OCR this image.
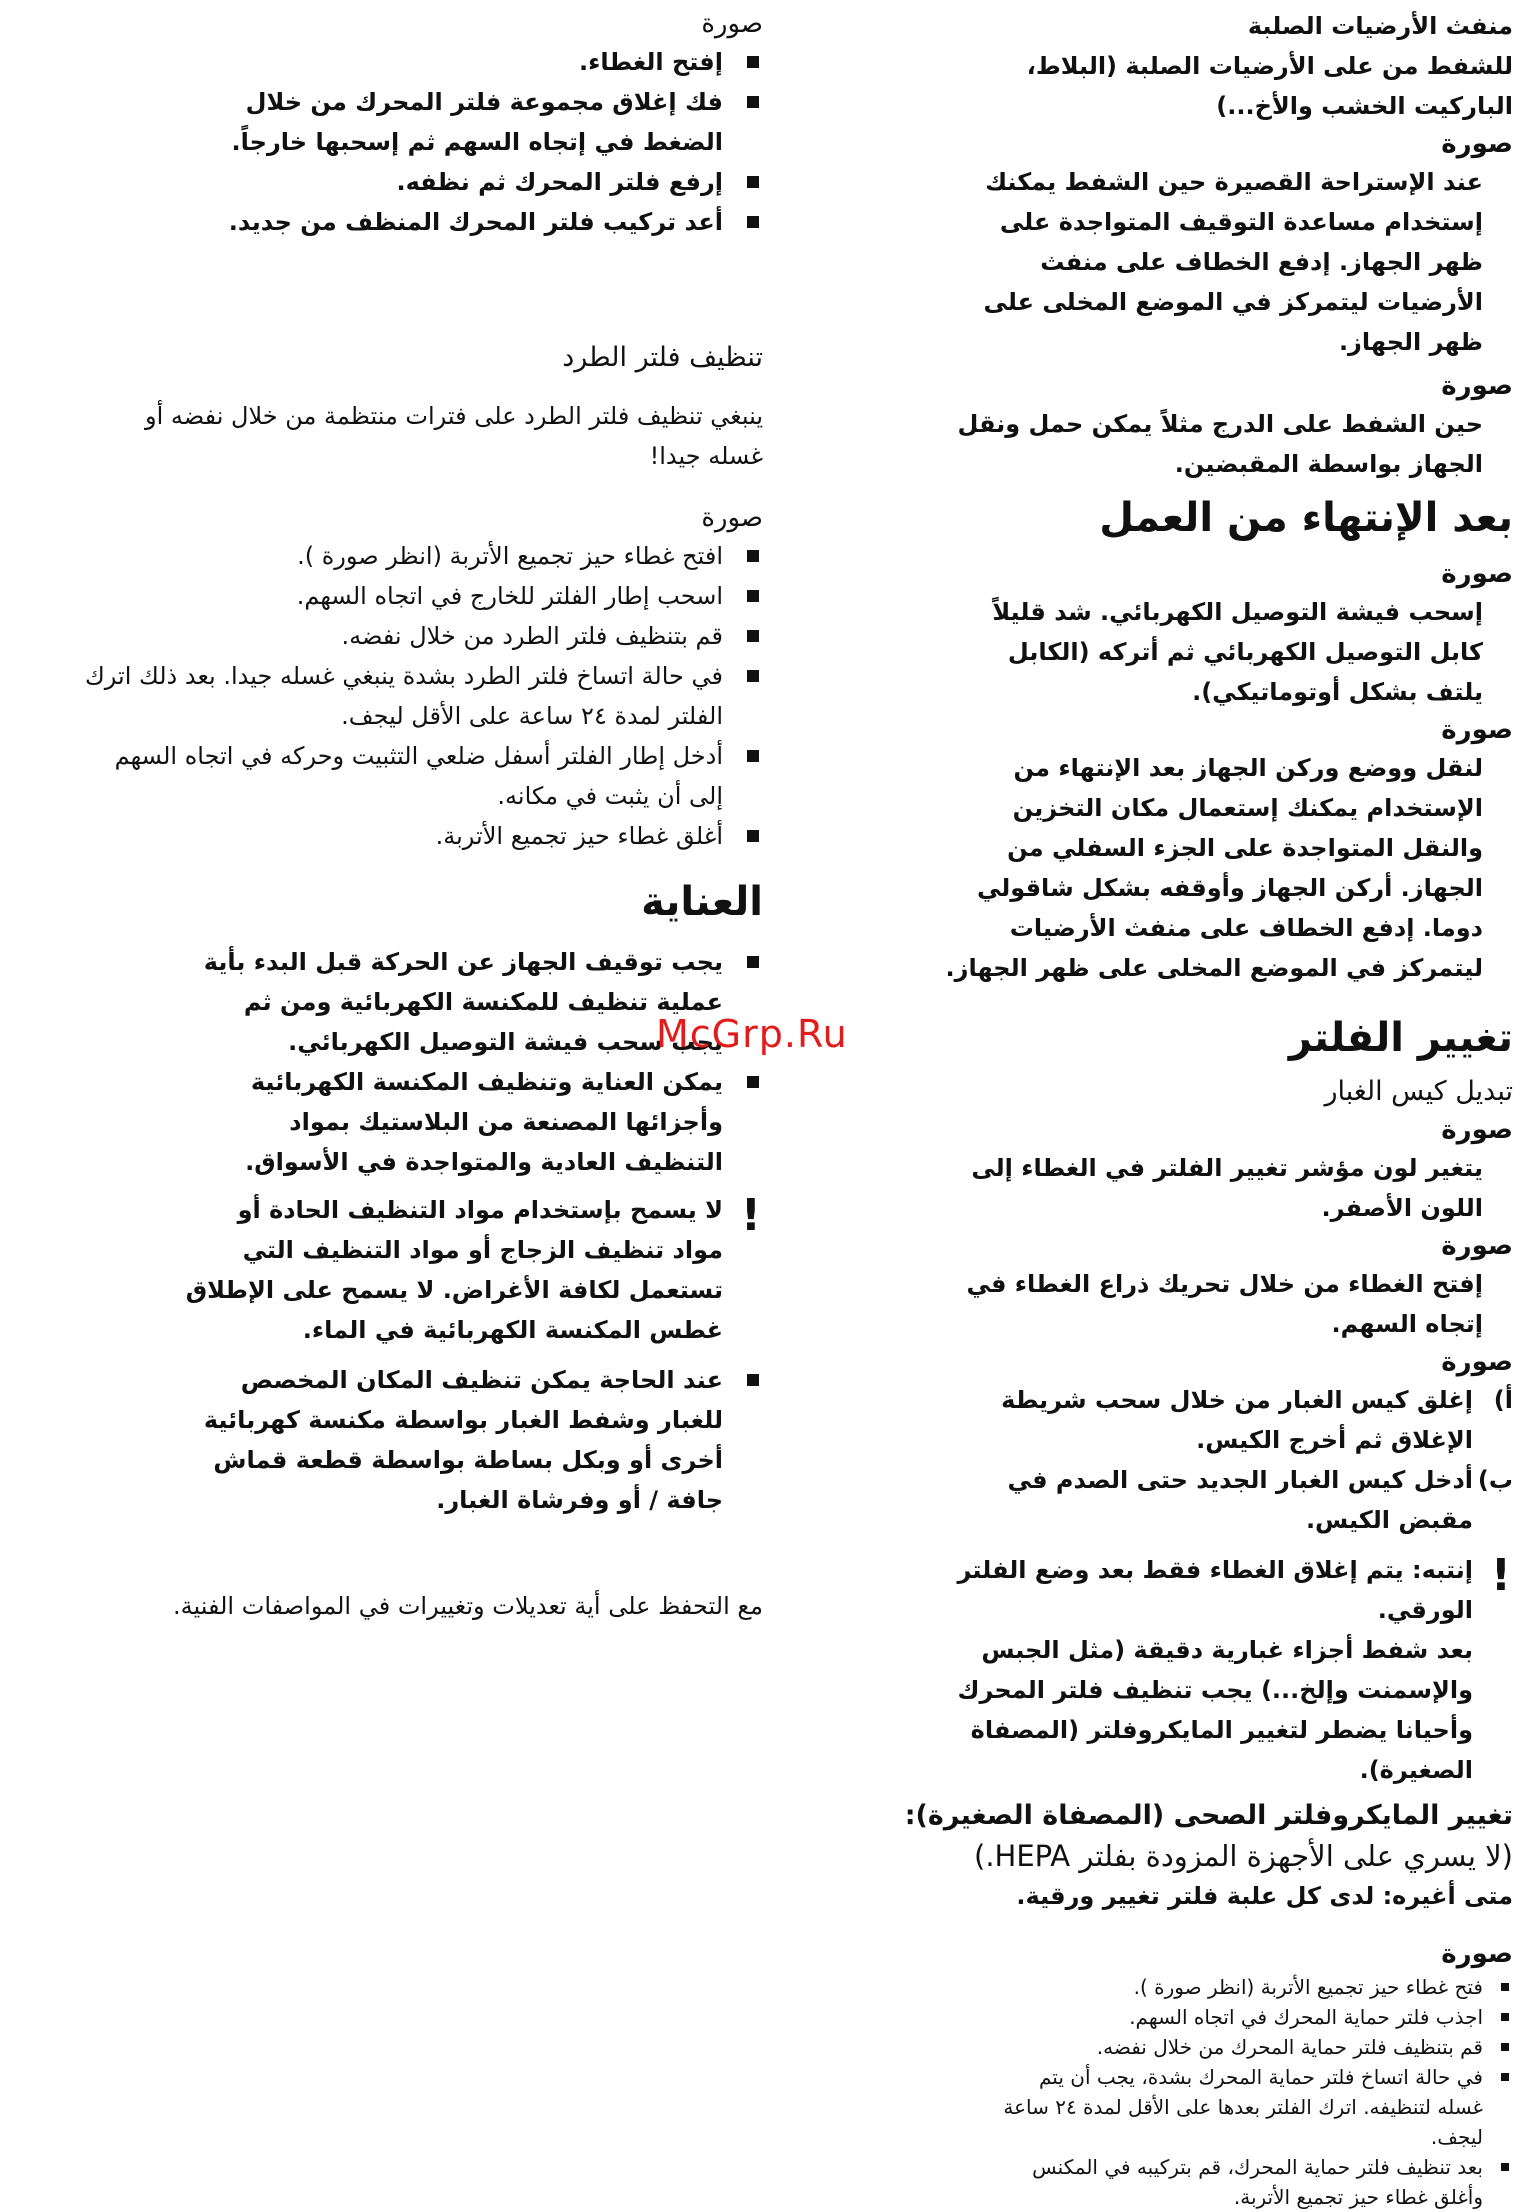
منفث الأرضيات الصلبة

للشفط من على الأرضيات الصلبة (البلاط، الباركيت الخشب والأخ...)

صورة

عند الإستراحة القصيرة حين الشفط يمكنك إستخدام مساعدة التوقيف المتواجدة على ظهر الجهاز. إدفع الخطاف على منفث الأرضيات ليتمركز في الموضع المخلى على ظهر الجهاز.

صورة

حين الشفط على الدرج مثلاً يمكن حمل ونقل الجهاز بواسطة المقبضين.

بعد الإنتهاء من العمل

صورة

إسحب فيشة التوصيل الكهربائي. شد قليلاً كابل التوصيل الكهربائي ثم أتركه (الكابل يلتف بشكل أوتوماتيكي).

صورة

لنقل ووضع وركن الجهاز بعد الإنتهاء من الإستخدام يمكنك إستعمال مكان التخزين والنقل المتواجدة على الجزء السفلي من الجهاز. أركن الجهاز وأوقفه بشكل شاقولي دوما. إدفع الخطاف على منفث الأرضيات ليتمركز في الموضع المخلى على ظهر الجهاز.

تغيير الفلتر

تبديل كيس الغبار

صورة

يتغير لون مؤشر تغيير الفلتر في الغطاء إلى اللون الأصفر.

صورة

إفتح الغطاء من خلال تحريك ذراع الغطاء في إتجاه السهم.

صورة

أ)
إغلق كيس الغبار من خلال سحب شريطة الإغلاق ثم أخرج الكيس.
ب)
أدخل كيس الغبار الجديد حتى الصدم في مقبض الكيس.
!
إنتبه: يتم إغلاق الغطاء فقط بعد وضع الفلتر الورقي.
بعد شفط أجزاء غبارية دقيقة (مثل الجبس والإسمنت وإلخ...) يجب تنظيف فلتر المحرك وأحيانا يضطر لتغيير المايكروفلتر (المصفاة الصغيرة).

تغيير المايكروفلتر الصحى (المصفاة الصغيرة):

(لا يسري على الأجهزة المزودة بفلتر HEPA.)

متى أغيره: لدى كل علبة فلتر تغيير ورقية.

صورة

فتح غطاء حيز تجميع الأتربة (انظر صورة ).
اجذب فلتر حماية المحرك في اتجاه السهم.
قم بتنظيف فلتر حماية المحرك من خلال نفضه.
في حالة اتساخ فلتر حماية المحرك بشدة، يجب أن يتم غسله لتنظيفه. اترك الفلتر بعدها على الأقل لمدة ٢٤ ساعة ليجف.
بعد تنظيف فلتر حماية المحرك، قم بتركيبه في المكنس وأغلق غطاء حيز تجميع الأتربة.

صورة

إفتح الغطاء.
فك إغلاق مجموعة فلتر المحرك من خلال الضغط في إتجاه السهم ثم إسحبها خارجاً.
إرفع فلتر المحرك ثم نظفه.
أعد تركيب فلتر المحرك المنظف من جديد.

تنظيف فلتر الطرد

ينبغي تنظيف فلتر الطرد على فترات منتظمة من خلال نفضه أو غسله جيدا!

صورة

افتح غطاء حيز تجميع الأتربة (انظر صورة ).
اسحب إطار الفلتر للخارج في اتجاه السهم.
قم بتنظيف فلتر الطرد من خلال نفضه.
في حالة اتساخ فلتر الطرد بشدة ينبغي غسله جيدا. بعد ذلك اترك الفلتر لمدة ٢٤ ساعة على الأقل ليجف.
أدخل إطار الفلتر أسفل ضلعي التثبيت وحركه في اتجاه السهم إلى أن يثبت في مكانه.
أغلق غطاء حيز تجميع الأتربة.

العناية

يجب توقيف الجهاز عن الحركة قبل البدء بأية عملية تنظيف للمكنسة الكهربائية ومن ثم يجب سحب فيشة التوصيل الكهربائي.
يمكن العناية وتنظيف المكنسة الكهربائية وأجزائها المصنعة من البلاستيك بمواد التنظيف العادية والمتواجدة في الأسواق.
!
لا يسمح بإستخدام مواد التنظيف الحادة أو مواد تنظيف الزجاج أو مواد التنظيف التي تستعمل لكافة الأغراض. لا يسمح على الإطلاق غطس المكنسة الكهربائية في الماء.
عند الحاجة يمكن تنظيف المكان المخصص للغبار وشفط الغبار بواسطة مكنسة كهربائية أخرى أو وبكل بساطة بواسطة قطعة قماش جافة / أو وفرشاة الغبار.

مع التحفظ على أية تعديلات وتغييرات في المواصفات الفنية.

McGrp.Ru
